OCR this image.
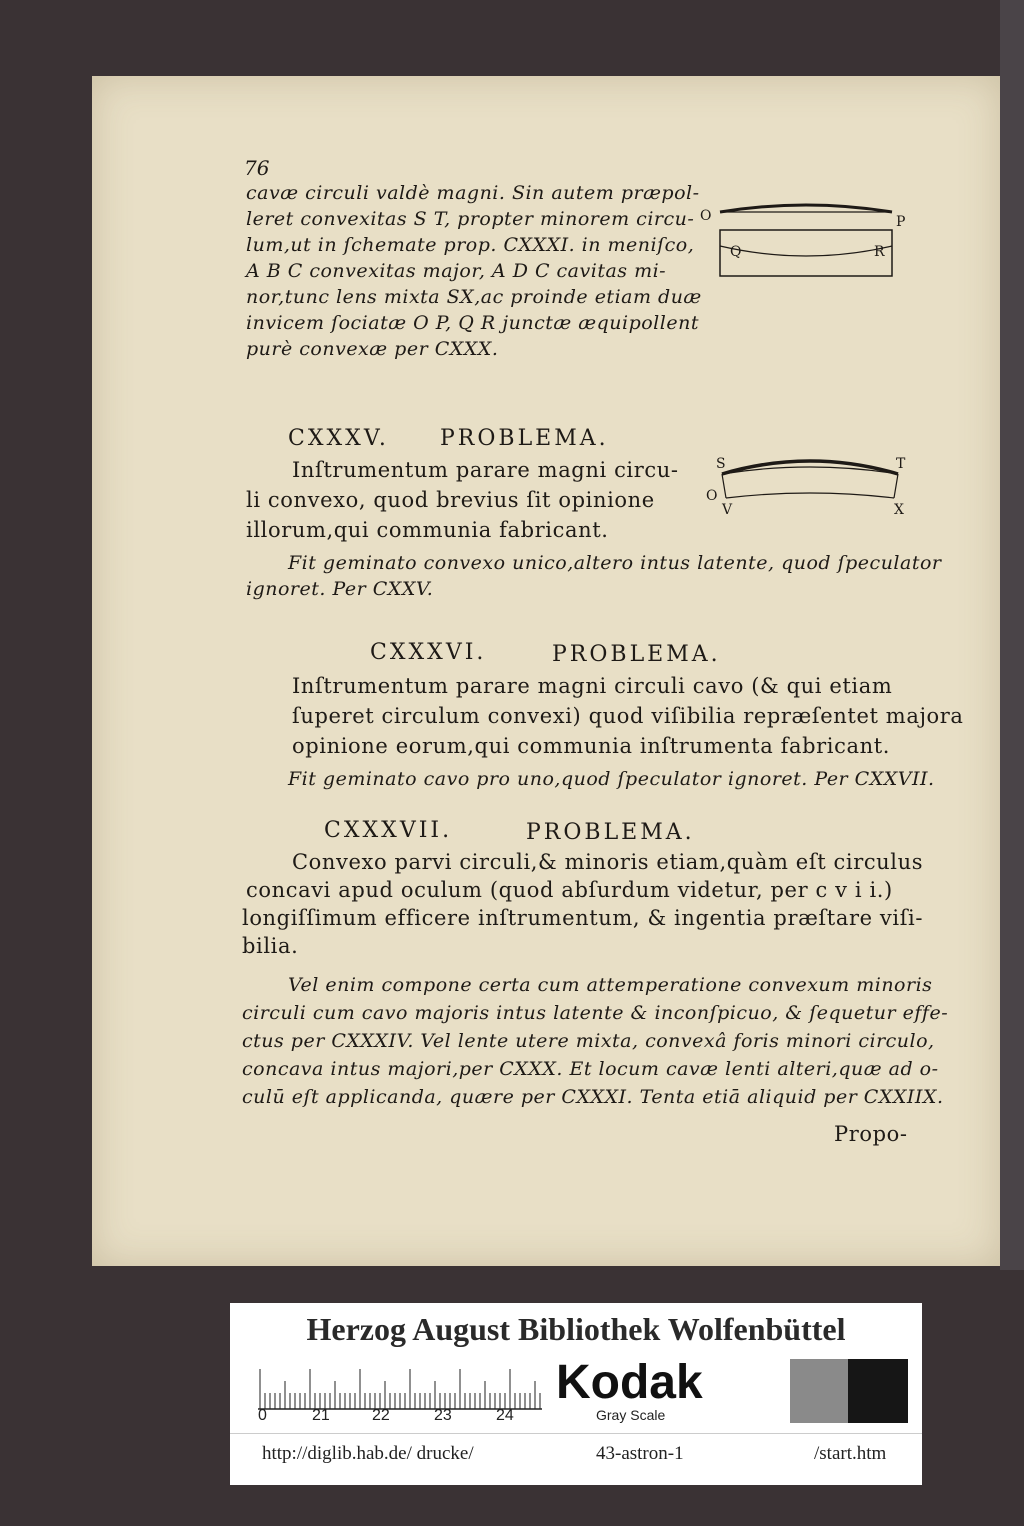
76
cavæ circuli valdè magni. Sin autem præpol-
leret convexitas S T, propter minorem circu-
lum,ut in ſchemate prop. CXXXI. in meniſco,
A B C convexitas major, A D C cavitas mi-
nor,tunc lens mixta SX,ac proinde etiam duæ
invicem ſociatæ O P, Q R junctæ æquipollent
purè convexæ per CXXX.
O	P
Q	R
CXXXV. PROBLEMA.
Inſtrumentum parare magni circu-
li convexo, quod brevius ſit opinione
illorum,qui communia fabricant.
Fit geminato convexo unico,altero intus latente, quod ſpeculator
ignoret. Per CXXV.
S	T
O
V	X
CXXXVI.	PROBLEMA.
Inſtrumentum parare magni circuli cavo (& qui etiam
ſuperet circulum convexi) quod viſibilia repræſentet majora
opinione eorum,qui communia inſtrumenta fabricant.
Fit geminato cavo pro uno,quod ſpeculator ignoret. Per CXXVII.
CXXXVII.	PROBLEMA.
Convexo parvi circuli,& minoris etiam,quàm eſt circulus
concavi apud oculum (quod abſurdum videtur, per c v i i.)
longiſſimum efficere inſtrumentum, & ingentia præſtare viſi-
bilia.
Vel enim compone certa cum attemperatione convexum minoris
circuli cum cavo majoris intus latente & inconſpicuo, & ſequetur effe-
ctus per CXXXIV. Vel lente utere mixta, convexâ foris minori circulo,
concava intus majori,per CXXX. Et locum cavæ lenti alteri,quæ ad o-
culū eſt applicanda, quære per CXXXI. Tenta etiā aliquid per CXXIIX.
Propo-
Herzog August Bibliothek Wolfenbüttel
0	21	22	23	24
Kodak
Gray Scale
http://diglib.hab.de/ drucke/	43-astron-1	/start.htm
